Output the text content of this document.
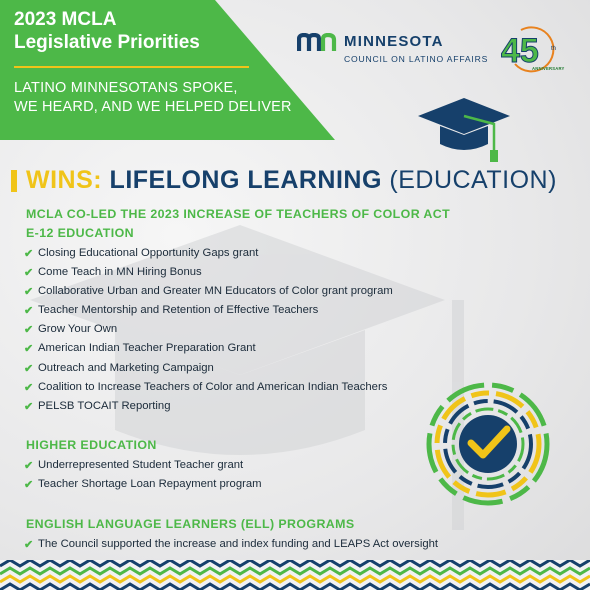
2023 MCLA
Legislative Priorities
LATINO MINNESOTANS SPOKE,
WE HEARD, AND WE HELPED DELIVER
MINNESOTA
COUNCIL ON LATINO AFFAIRS 45 th
ANNIVERSARY
WINS: LIFELONG LEARNING (EDUCATION)
MCLA CO-LED THE 2023 INCREASE OF TEACHERS OF COLOR ACT
E-12 EDUCATION
✔ Closing Educational Opportunity Gaps grant
✔ Come Teach in MN Hiring Bonus
✔ Collaborative Urban and Greater MN Educators of Color grant program
✔ Teacher Mentorship and Retention of Effective Teachers
✔ Grow Your Own
✔ American Indian Teacher Preparation Grant
✔ Outreach and Marketing Campaign
✔ Coalition to Increase Teachers of Color and American Indian Teachers
✔ PELSB TOCAIT Reporting
HIGHER EDUCATION
✔ Underrepresented Student Teacher grant
✔ Teacher Shortage Loan Repayment program
ENGLISH LANGUAGE LEARNERS (ELL) PROGRAMS
✔ The Council supported the increase and index funding and LEAPS Act oversight
